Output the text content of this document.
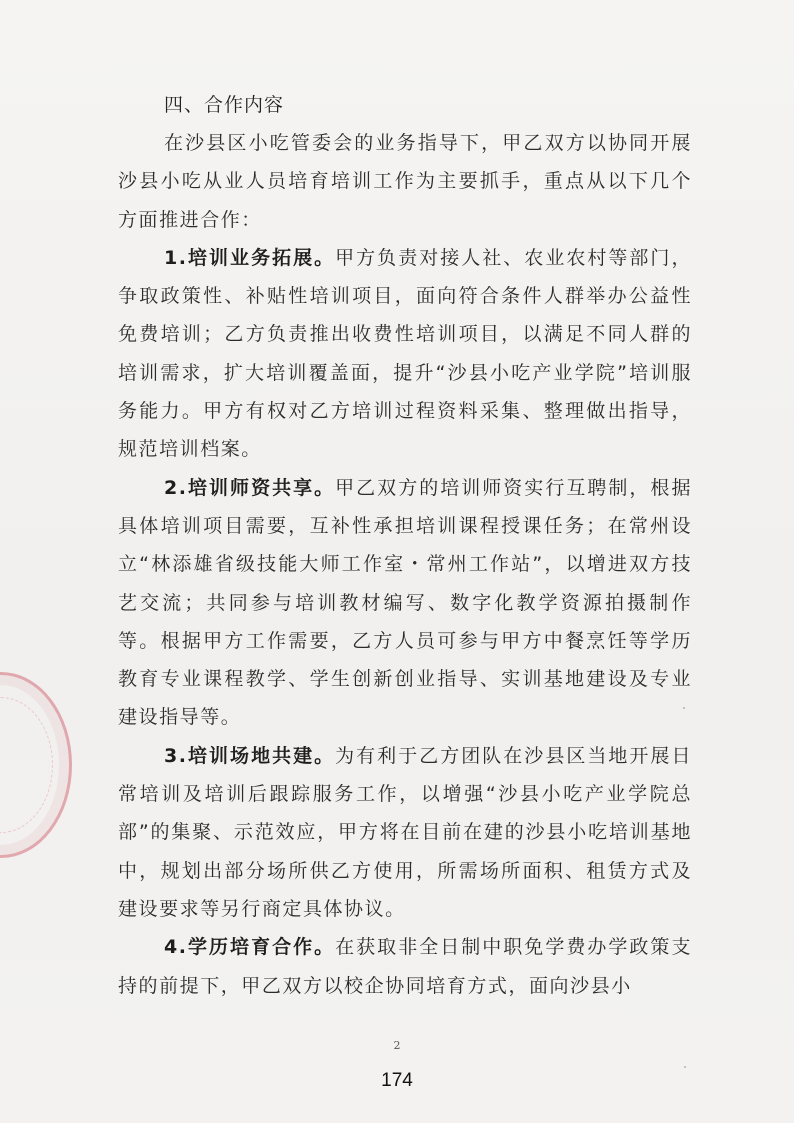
四、合作内容

在沙县区小吃管委会的业务指导下，甲乙双方以协同开展沙县小吃从业人员培育培训工作为主要抓手，重点从以下几个方面推进合作：

1.培训业务拓展。甲方负责对接人社、农业农村等部门，争取政策性、补贴性培训项目，面向符合条件人群举办公益性免费培训；乙方负责推出收费性培训项目，以满足不同人群的培训需求，扩大培训覆盖面，提升“沙县小吃产业学院”培训服务能力。甲方有权对乙方培训过程资料采集、整理做出指导，规范培训档案。

2.培训师资共享。甲乙双方的培训师资实行互聘制，根据具体培训项目需要，互补性承担培训课程授课任务；在常州设立“林添雄省级技能大师工作室・常州工作站”，以增进双方技艺交流；共同参与培训教材编写、数字化教学资源拍摄制作等。根据甲方工作需要，乙方人员可参与甲方中餐烹饪等学历教育专业课程教学、学生创新创业指导、实训基地建设及专业建设指导等。

3.培训场地共建。为有利于乙方团队在沙县区当地开展日常培训及培训后跟踪服务工作，以增强“沙县小吃产业学院总部”的集聚、示范效应，甲方将在目前在建的沙县小吃培训基地中，规划出部分场所供乙方使用，所需场所面积、租赁方式及建设要求等另行商定具体协议。

4.学历培育合作。在获取非全日制中职免学费办学政策支持的前提下，甲乙双方以校企协同培育方式，面向沙县小

2
174
